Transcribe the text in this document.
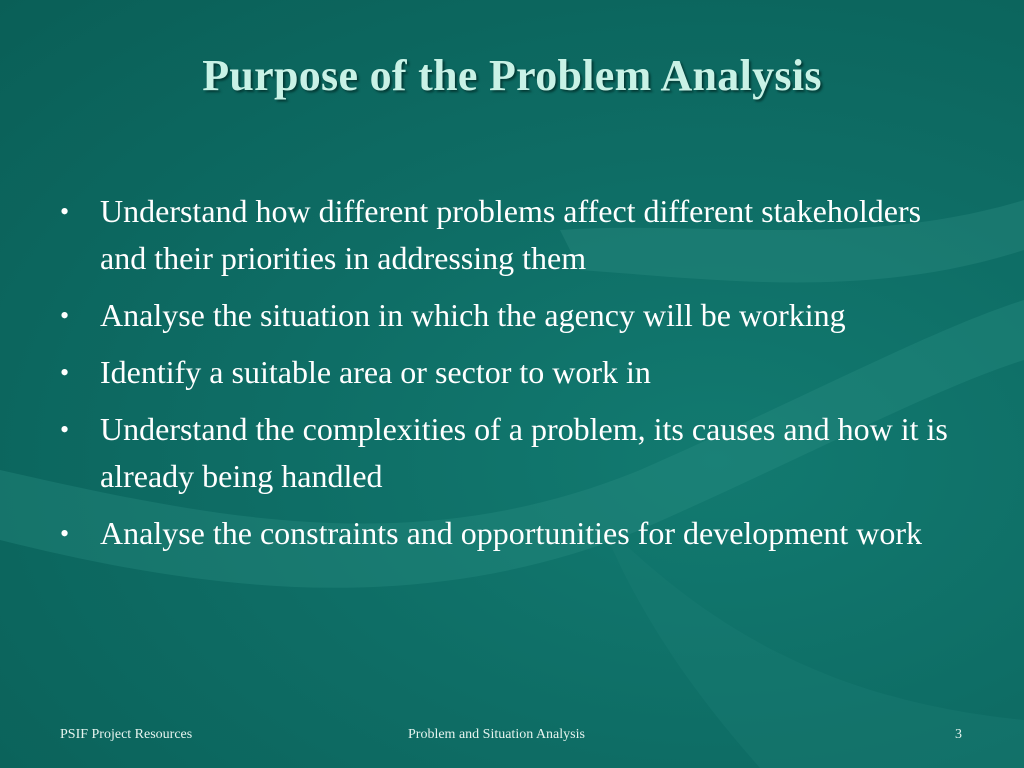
Purpose of the Problem Analysis
• Understand how different problems affect different stakeholders and their priorities in addressing them
• Analyse the situation in which the agency will be working
• Identify a suitable area or sector to work in
• Understand the complexities of a problem, its causes and how it is already being handled
• Analyse the constraints and opportunities for development work
PSIF Project Resources	Problem and Situation Analysis	3
